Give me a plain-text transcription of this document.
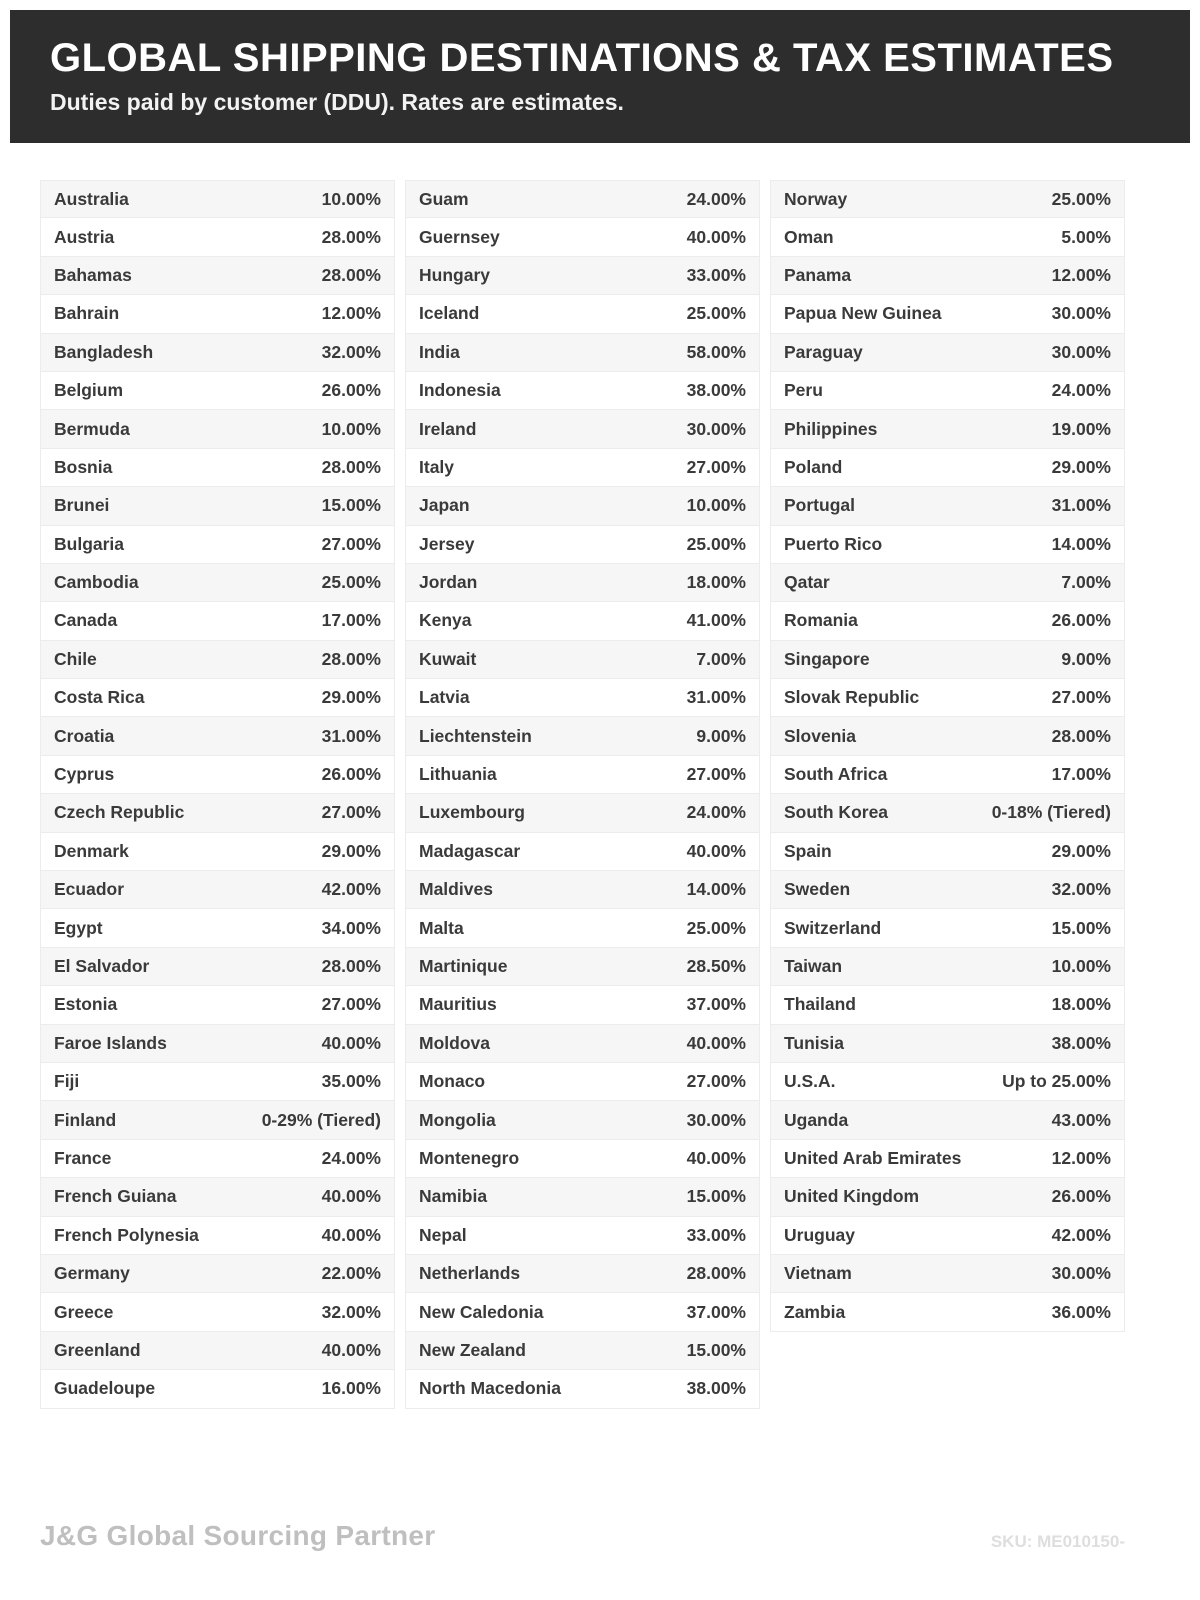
GLOBAL SHIPPING DESTINATIONS & TAX ESTIMATES

Duties paid by customer (DDU). Rates are estimates.

Australia	10.00%
Austria	28.00%
Bahamas	28.00%
Bahrain	12.00%
Bangladesh	32.00%
Belgium	26.00%
Bermuda	10.00%
Bosnia	28.00%
Brunei	15.00%
Bulgaria	27.00%
Cambodia	25.00%
Canada	17.00%
Chile	28.00%
Costa Rica	29.00%
Croatia	31.00%
Cyprus	26.00%
Czech Republic	27.00%
Denmark	29.00%
Ecuador	42.00%
Egypt	34.00%
El Salvador	28.00%
Estonia	27.00%
Faroe Islands	40.00%
Fiji	35.00%
Finland	0-29% (Tiered)
France	24.00%
French Guiana	40.00%
French Polynesia	40.00%
Germany	22.00%
Greece	32.00%
Greenland	40.00%
Guadeloupe	16.00%
Guam	24.00%
Guernsey	40.00%
Hungary	33.00%
Iceland	25.00%
India	58.00%
Indonesia	38.00%
Ireland	30.00%
Italy	27.00%
Japan	10.00%
Jersey	25.00%
Jordan	18.00%
Kenya	41.00%
Kuwait	7.00%
Latvia	31.00%
Liechtenstein	9.00%
Lithuania	27.00%
Luxembourg	24.00%
Madagascar	40.00%
Maldives	14.00%
Malta	25.00%
Martinique	28.50%
Mauritius	37.00%
Moldova	40.00%
Monaco	27.00%
Mongolia	30.00%
Montenegro	40.00%
Namibia	15.00%
Nepal	33.00%
Netherlands	28.00%
New Caledonia	37.00%
New Zealand	15.00%
North Macedonia	38.00%
Norway	25.00%
Oman	5.00%
Panama	12.00%
Papua New Guinea	30.00%
Paraguay	30.00%
Peru	24.00%
Philippines	19.00%
Poland	29.00%
Portugal	31.00%
Puerto Rico	14.00%
Qatar	7.00%
Romania	26.00%
Singapore	9.00%
Slovak Republic	27.00%
Slovenia	28.00%
South Africa	17.00%
South Korea	0-18% (Tiered)
Spain	29.00%
Sweden	32.00%
Switzerland	15.00%
Taiwan	10.00%
Thailand	18.00%
Tunisia	38.00%
U.S.A.	Up to 25.00%
Uganda	43.00%
United Arab Emirates	12.00%
United Kingdom	26.00%
Uruguay	42.00%
Vietnam	30.00%
Zambia	36.00%
J&G Global Sourcing Partner	SKU: ME010150-
